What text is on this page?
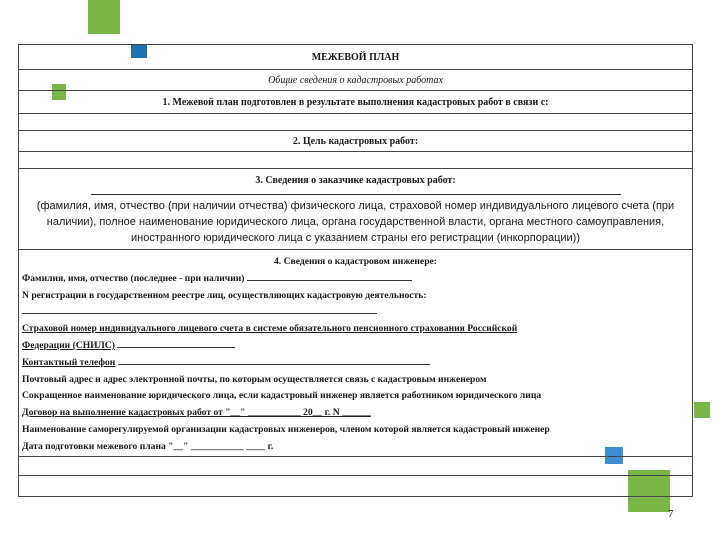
МЕЖЕВОЙ ПЛАН
Общие сведения о кадастровых работах
1. Межевой план подготовлен в результате выполнения кадастровых работ в связи с:

2. Цель кадастровых работ:

3. Сведения о заказчике кадастровых работ:
(фамилия, имя, отчество (при наличии отчества) физического лица, страховой номер индивидуального лицевого счета (при наличии), полное наименование юридического лица, органа государственной власти, органа местного самоуправления, иностранного юридического лица с указанием страны его регистрации (инкорпорации))

4. Сведения о кадастровом инженере:
Фамилия, имя, отчество (последнее - при наличии)
N регистрации в государственном реестре лиц, осуществляющих кадастровую деятельность:
Страховой номер индивидуального лицевого счета в системе обязательного пенсионного страхования Российской
Федерации (СНИЛС)
Контактный телефон
Почтовый адрес и адрес электронной почты, по которым осуществляется связь с кадастровым инженером
Сокращенное наименование юридического лица, если кадастровый инженер является работником юридического лица
Договор на выполнение кадастровых работ от "__" ___________ 20__ г. N ______
Наименование саморегулируемой организации кадастровых инженеров, членом которой является кадастровый инженер
Дата подготовки межевого плана "__" ___________ ____ г.

7
